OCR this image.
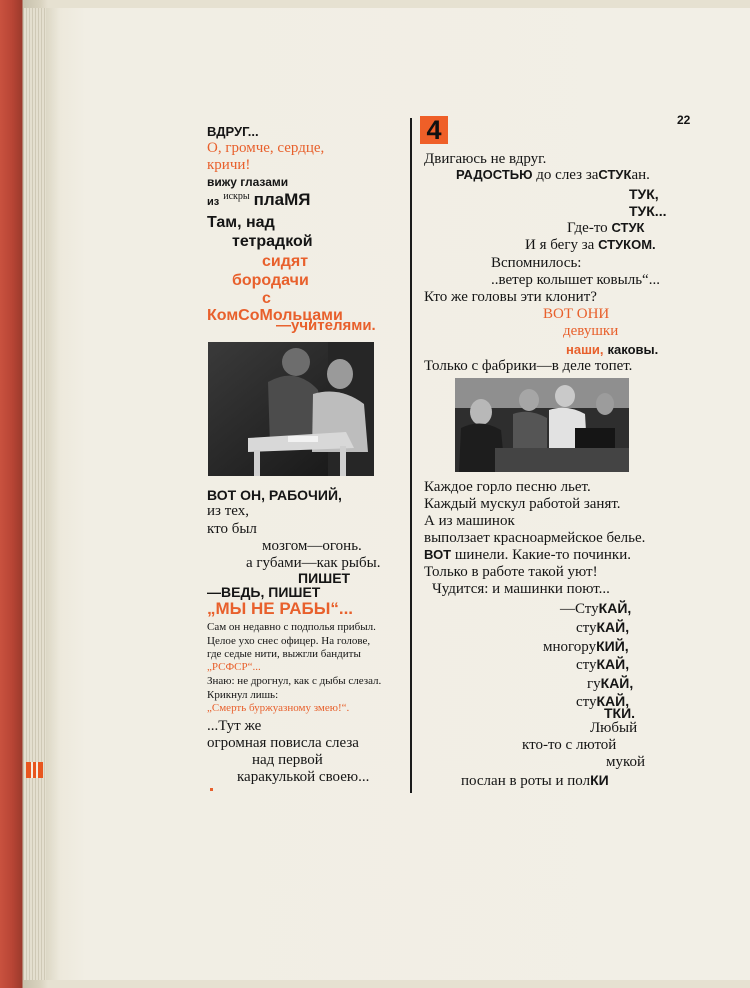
22
ВДРУГ...
О, громче, сердце,
кричи!
вижу глазами
из $^{искры}$ плаМЯ
Там, над
тетрадкой
сидят
бородачи
с
КомСоМольцами
—учителями.
ВОТ ОН, РАБОЧИЙ,
из тех,
кто был
мозгом—огонь.
а губами—как рыбы.
ПИШЕТ
—ВЕДЬ, ПИШЕТ
„МЫ НЕ РАБЫ“...
Сам он недавно с подполья прибыл.
Целое ухо снес офицер. На голове,
где седые нити, выжгли бандиты
„РСФСР“...
Знаю: не дрогнул, как с дыбы слезал.
Крикнул лишь:
„Смерть буржуазному змею!“.
...Тут же
огромная повисла слеза
над первой
каракулькой своею...
4
Двигаюсь не вдруг.
РАДОСТЬЮ до слез заСТУКан.
ТУК,
ТУК...
Где-то СТУК
И я бегу за СТУКОМ.
Вспомнилось:
..ветер колышет ковыль“...
Кто же головы эти клонит?
ВОТ ОНИ
девушки
наши, каковы.
Только с фабрики—в деле топет.
Каждое горло песню льет.
Каждый мускул работой занят.
А из машинок
выползает красноармейское белье.
ВОТ шинели. Какие-то починки.
Только в работе такой уют!
Чудится: и машинки поют...
—СтуКАЙ,
стуКАЙ,
многоруКИЙ,
стуКАЙ,
гуКАЙ,
стуКАЙ,
ТКИ.
Любый
кто-то с лютой
мукой
послан в роты и полКИ
